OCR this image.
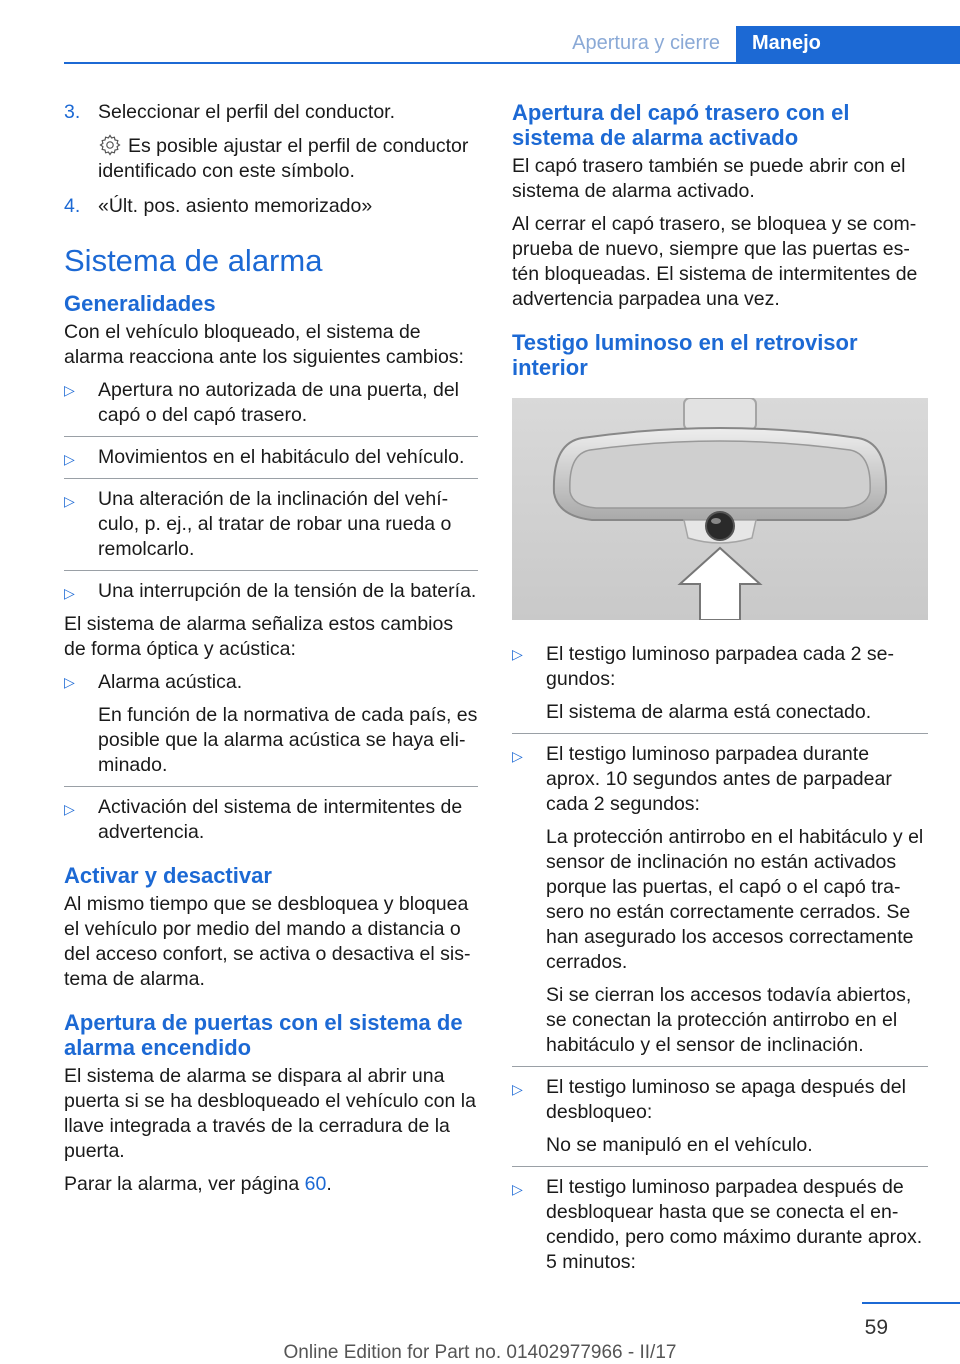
Apertura y cierre	Manejo
3. Seleccionar el perfil del conductor.
Es posible ajustar el perfil de conductor identificado con este símbolo.
4. «Últ. pos. asiento memorizado»
Sistema de alarma
Generalidades

Con el vehículo bloqueado, el sistema de alarma reacciona ante los siguientes cambios:

▷ Apertura no autorizada de una puerta, del capó o del capó trasero.
▷ Movimientos en el habitáculo del vehículo.
▷ Una alteración de la inclinación del vehí‐culo, p. ej., al tratar de robar una rueda o remolcarlo.
▷ Una interrupción de la tensión de la batería.

El sistema de alarma señaliza estos cambios de forma óptica y acústica:

▷ Alarma acústica.
En función de la normativa de cada país, es posible que la alarma acústica se haya eli‐minado.
▷ Activación del sistema de intermitentes de advertencia.
Activar y desactivar

Al mismo tiempo que se desbloquea y bloquea el vehículo por medio del mando a distancia o del acceso confort, se activa o desactiva el sis‐tema de alarma.

Apertura de puertas con el sistema de alarma encendido

El sistema de alarma se dispara al abrir una puerta si se ha desbloqueado el vehículo con la llave integrada a través de la cerradura de la puerta.

Parar la alarma, ver página 60.

Apertura del capó trasero con el sistema de alarma activado

El capó trasero también se puede abrir con el sistema de alarma activado.

Al cerrar el capó trasero, se bloquea y se com‐prueba de nuevo, siempre que las puertas es‐tén bloqueadas. El sistema de intermitentes de advertencia parpadea una vez.

Testigo luminoso en el retrovisor interior
▷ El testigo luminoso parpadea cada 2 se‐gundos:
El sistema de alarma está conectado.
▷ El testigo luminoso parpadea durante aprox. 10 segundos antes de parpadear cada 2 segundos:
La protección antirrobo en el habitáculo y el sensor de inclinación no están activados porque las puertas, el capó o el capó tra‐sero no están correctamente cerrados. Se han asegurado los accesos correctamente cerrados.
Si se cierran los accesos todavía abiertos, se conectan la protección antirrobo en el habitáculo y el sensor de inclinación.
▷ El testigo luminoso se apaga después del desbloqueo:
No se manipuló en el vehículo.
▷ El testigo luminoso parpadea después de desbloquear hasta que se conecta el en‐cendido, pero como máximo durante aprox. 5 minutos:
59
Online Edition for Part no. 01402977966 - II/17
